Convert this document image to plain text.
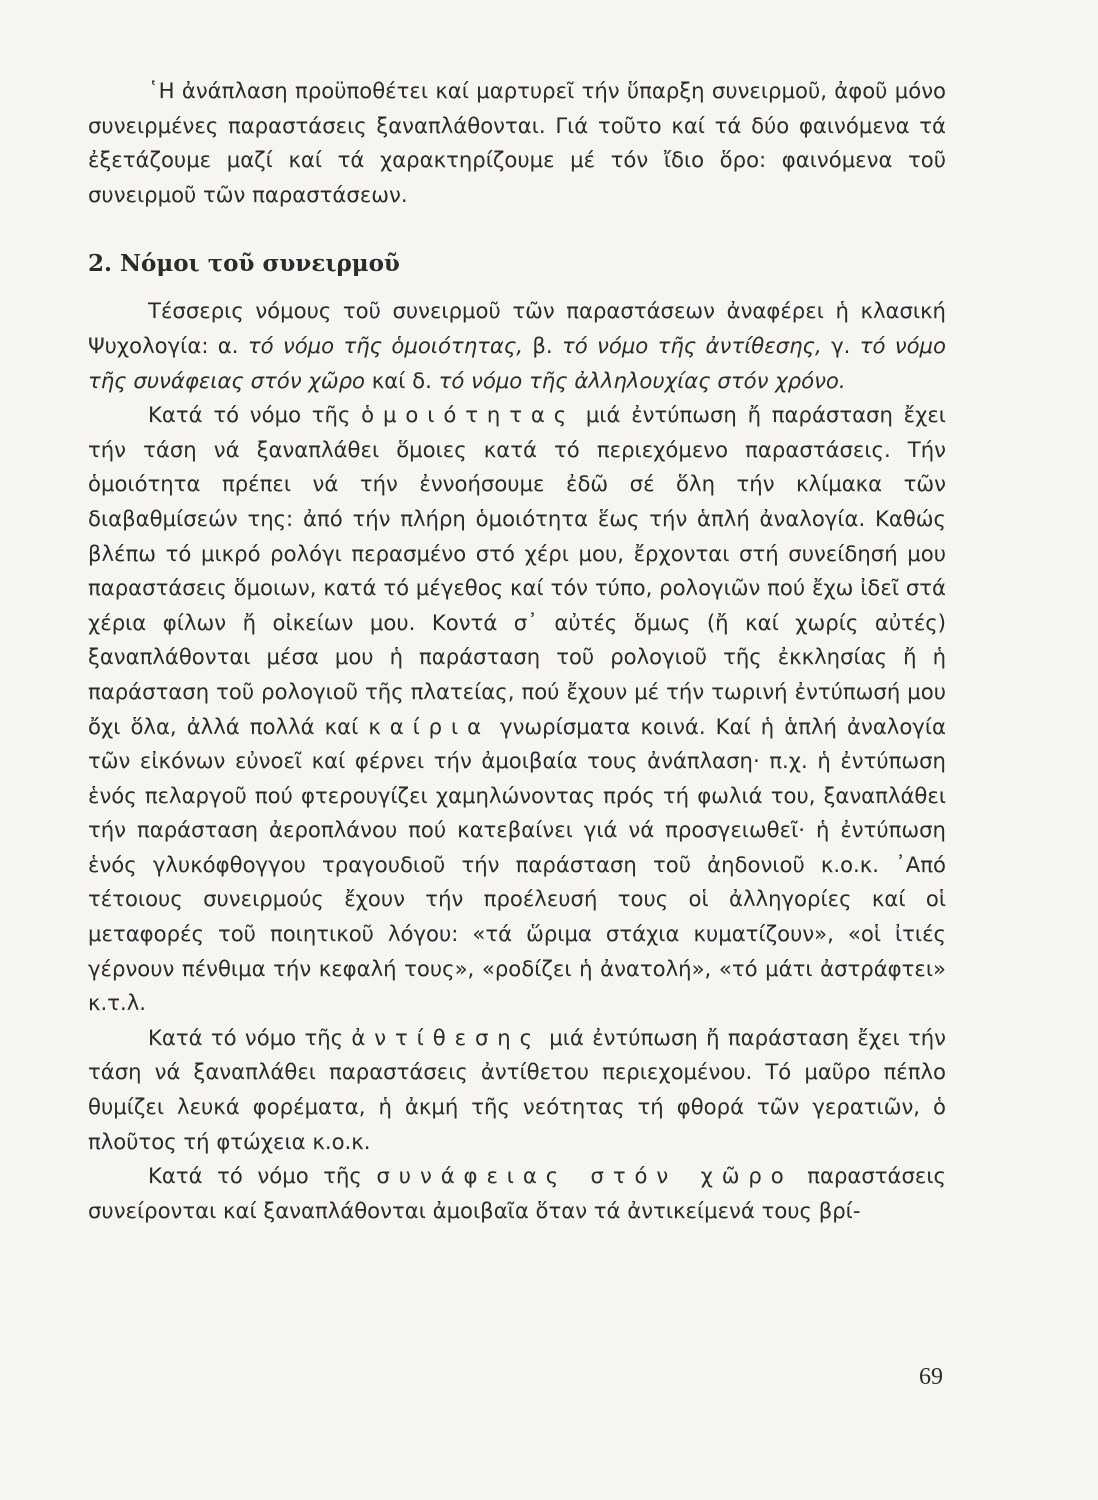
῾Η ἀνάπλαση προϋποθέτει καί μαρτυρεῖ τήν ὕπαρξη συνειρμοῦ, ἀφοῦ μόνο συνειρμένες παραστάσεις ξαναπλάθονται. Γιά τοῦτο καί τά δύο φαινόμενα τά ἐξετάζουμε μαζί καί τά χαρακτηρίζουμε μέ τόν ἴδιο ὅρο: φαινόμενα τοῦ συνειρμοῦ τῶν παραστάσεων.

2. Νόμοι τοῦ συνειρμοῦ

Τέσσερις νόμους τοῦ συνειρμοῦ τῶν παραστάσεων ἀναφέρει ἡ κλασική Ψυχολογία: α. τό νόμο τῆς ὁμοιότητας, β. τό νόμο τῆς ἀντίθεσης, γ. τό νόμο τῆς συνάφειας στόν χῶρο καί δ. τό νόμο τῆς ἀλληλουχίας στόν χρόνο.

Κατά τό νόμο τῆς ὁμοιότητας μιά ἐντύπωση ἤ παράσταση ἔχει τήν τάση νά ξαναπλάθει ὅμοιες κατά τό περιεχόμενο παραστάσεις. Τήν ὁμοιότητα πρέπει νά τήν ἐννοήσουμε ἐδῶ σέ ὅλη τήν κλίμακα τῶν διαβαθμίσεών της: ἀπό τήν πλήρη ὁμοιότητα ἕως τήν ἁπλή ἀναλογία. Καθώς βλέπω τό μικρό ρολόγι περασμένο στό χέρι μου, ἔρχονται στή συνείδησή μου παραστάσεις ὅμοιων, κατά τό μέγεθος καί τόν τύπο, ρολογιῶν πού ἔχω ἰδεῖ στά χέρια φίλων ἤ οἰκείων μου. Κοντά σ᾽ αὐτές ὅμως (ἤ καί χωρίς αὐτές) ξαναπλάθονται μέσα μου ἡ παράσταση τοῦ ρολογιοῦ τῆς ἐκκλησίας ἤ ἡ παράσταση τοῦ ρολογιοῦ τῆς πλατείας, πού ἔχουν μέ τήν τωρινή ἐντύπωσή μου ὄχι ὅλα, ἀλλά πολλά καί καίρια γνωρίσματα κοινά. Καί ἡ ἁπλή ἀναλογία τῶν εἰκόνων εὐνοεῖ καί φέρνει τήν ἀμοιβαία τους ἀνάπλαση· π.χ. ἡ ἐντύπωση ἑνός πελαργοῦ πού φτερουγίζει χαμηλώνοντας πρός τή φωλιά του, ξαναπλάθει τήν παράσταση ἀεροπλάνου πού κατεβαίνει γιά νά προσγειωθεῖ· ἡ ἐντύπωση ἑνός γλυκόφθογγου τραγουδιοῦ τήν παράσταση τοῦ ἀηδονιοῦ κ.ο.κ. ᾽Από τέτοιους συνειρμούς ἔχουν τήν προέλευσή τους οἱ ἀλληγορίες καί οἱ μεταφορές τοῦ ποιητικοῦ λόγου: «τά ὥριμα στάχια κυματίζουν», «οἱ ἰτιές γέρνουν πένθιμα τήν κεφαλή τους», «ροδίζει ἡ ἀνατολή», «τό μάτι ἀστράφτει» κ.τ.λ.

Κατά τό νόμο τῆς ἀντίθεσης μιά ἐντύπωση ἤ παράσταση ἔχει τήν τάση νά ξαναπλάθει παραστάσεις ἀντίθετου περιεχομένου. Τό μαῦρο πέπλο θυμίζει λευκά φορέματα, ἡ ἀκμή τῆς νεότητας τή φθορά τῶν γερατιῶν, ὁ πλοῦτος τή φτώχεια κ.ο.κ.

Κατά τό νόμο τῆς συνάφειας στόν χῶρο παραστάσεις συνείρονται καί ξαναπλάθονται ἀμοιβαῖα ὅταν τά ἀντικείμενά τους βρί-

69
